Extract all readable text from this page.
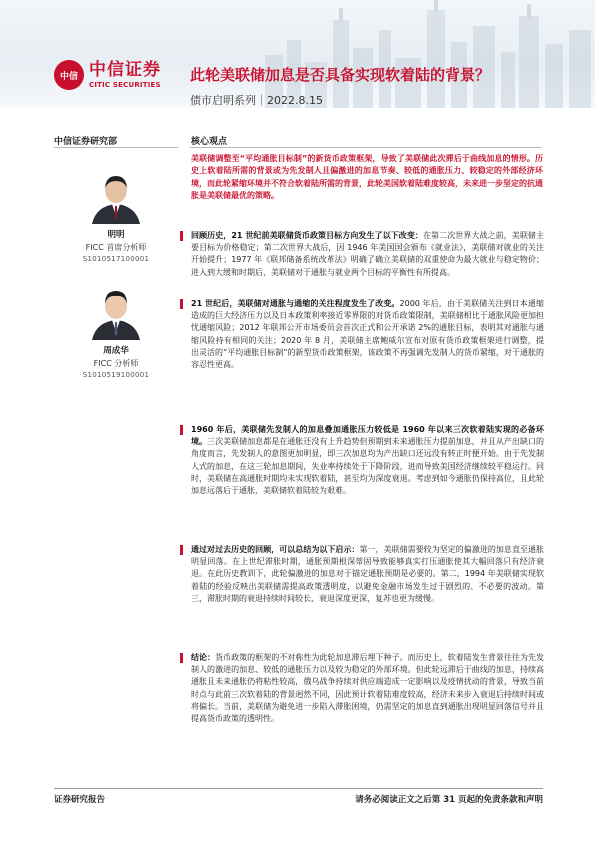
中信 中信证券
CITIC SECURITIES
此轮美联储加息是否具备实现软着陆的背景？
债市启明系列｜2022.8.15
中信证券研究部	核心观点
明明
FICC 首席分析师
S1010517100001
周成华
FICC 分析师
S1010519100001
美联储调整至“平均通胀目标制”的新货币政策框架，导致了美联储此次滞后于曲线加息的情形。历史上软着陆所需的背景或为先发制人且偏激进的加息节奏、较低的通胀压力、较稳定的外部经济环境，而此轮紧缩环境并不符合软着陆所需的背景，此轮美国软着陆难度较高，未来进一步坚定的抗通胀是美联储最优的策略。
回顾历史，21 世纪前美联储货币政策目标方向发生了以下改变：在第二次世界大战之前，美联储主要目标为价格稳定；第二次世界大战后，因 1946 年美国国会颁布《就业法》，美联储对就业的关注开始提升；1977 年《联邦储备系统改革法》明确了确立美联储的双重使命为最大就业与稳定物价；进入到大缓和时期后，美联储对于通胀与就业两个目标的平衡性有所提高。
21 世纪后，美联储对通胀与通缩的关注程度发生了改变。2000 年后，由于美联储关注到日本通缩造成的巨大经济压力以及日本政策利率接近零界限的对货币政策限制，美联储相比于通胀风险更加担忧通缩风险；2012 年联邦公开市场委员会首次正式和公开承诺 2%的通胀目标，表明其对通胀与通缩风险持有相同的关注；2020 年 8 月，美联储主席鲍威尔宣布对原有货币政策框架进行调整，提出灵活的“平均通胀目标制”的新型货币政策框架，该政策不再强调先发制人的货币紧缩，对于通胀的容忍性更高。
1960 年后，美联储先发制人的加息叠加通胀压力较低是 1960 年以来三次软着陆实现的必备环境。三次美联储加息都是在通胀还没有上升趋势但预期到未来通胀压力提前加息，并且从产出缺口的角度而言，先发制人的意图更加明显，即三次加息均为产出缺口还远没有转正时便开始。由于先发制人式的加息，在这三轮加息期间，失业率持续处于下降阶段，进而导致美国经济继续较平稳运行。同时，美联储在高通胀时期均未实现软着陆，甚至均为深度衰退。考虑到如今通胀仍保持高位，且此轮加息远落后于通胀，美联储软着陆较为艰难。
通过对过去历史的回顾，可以总结为以下启示：第一，美联储需要较为坚定的偏激进的加息直至通胀明显回落。在上世纪滞胀时期，通胀预期根深蒂固导致能够真实打压通胀使其大幅回落只有经济衰退。在此历史教训下，此轮偏激进的加息对于锚定通胀预期是必要的。第二，1994 年美联储实现软着陆的经验反映出美联储需提高政策透明度，以避免金融市场发生过于剧烈的、不必要的波动。第三，滞胀时期的衰退持续时间较长、衰退深度更深，复苏也更为缓慢。
结论：货币政策的框架的不对称性为此轮加息滞后埋下种子。而历史上，软着陆发生背景往往为先发制人的激进的加息、较低的通胀压力以及较为稳定的外部环境。但此轮远滞后于曲线的加息，持续高通胀且未来通胀仍将粘性较高，俄乌战争持续对供应端造成一定影响以及疫情扰动的背景，导致当前时点与此前三次软着陆的背景迥然不同，因此预计软着陆难度较高，经济未来步入衰退后持续时间或将偏长。当前，美联储为避免进一步陷入滞胀困境，仍需坚定的加息直到通胀出现明显回落信号并且提高货币政策的透明性。
证券研究报告	请务必阅读正文之后第 31 页起的免责条款和声明
